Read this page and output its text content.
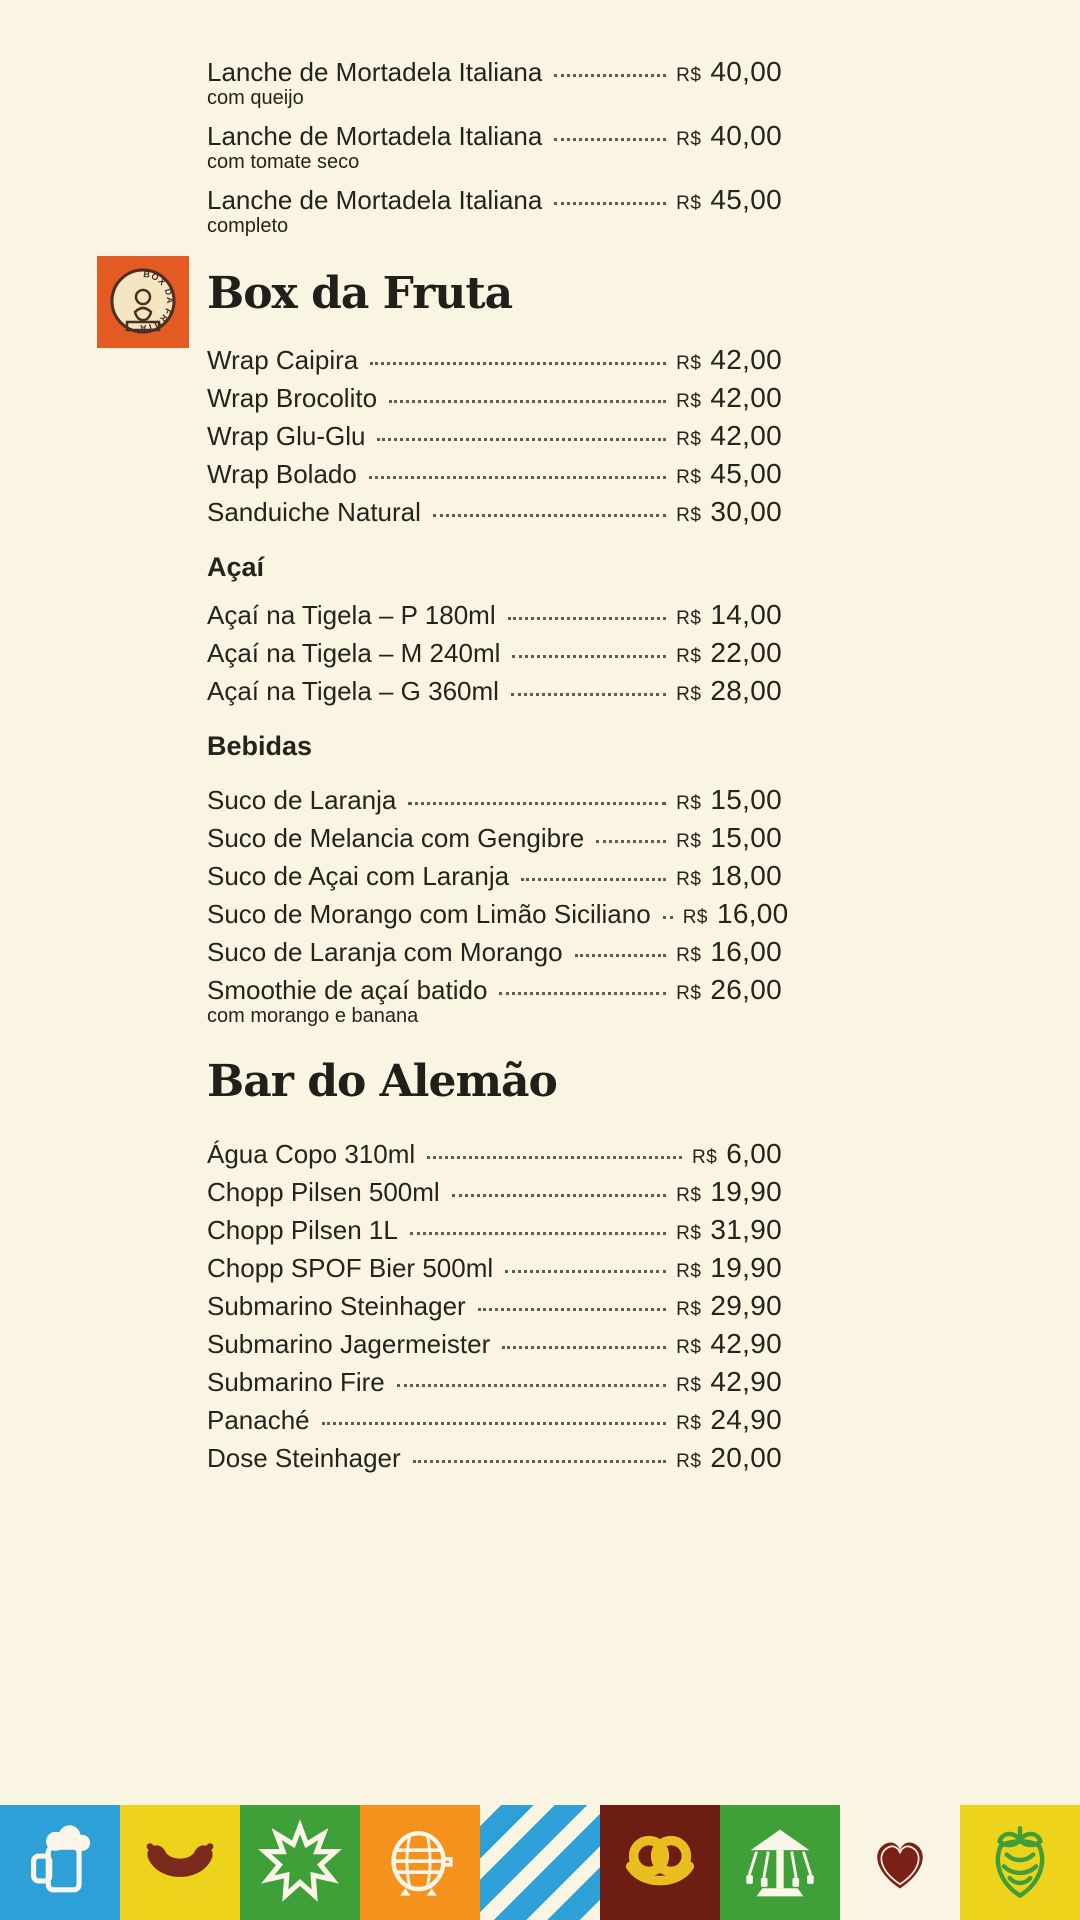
Lanche de Mortadela Italiana	R$ 40,00
com queijo
Lanche de Mortadela Italiana	R$ 40,00
com tomate seco
Lanche de Mortadela Italiana	R$ 45,00
completo
BOX DA FRUTA
Box da Fruta
Wrap Caipira	R$ 42,00
Wrap Brocolito	R$ 42,00
Wrap Glu-Glu	R$ 42,00
Wrap Bolado	R$ 45,00
Sanduiche Natural	R$ 30,00
Açaí
Açaí na Tigela – P 180ml	R$ 14,00
Açaí na Tigela – M 240ml	R$ 22,00
Açaí na Tigela – G 360ml	R$ 28,00
Bebidas
Suco de Laranja	R$ 15,00
Suco de Melancia com Gengibre	R$ 15,00
Suco de Açai com Laranja	R$ 18,00
Suco de Morango com Limão Siciliano R$ 16,00
Suco de Laranja com Morango	R$ 16,00
Smoothie de açaí batido	R$ 26,00
com morango e banana
Bar do Alemão
Água Copo 310ml	R$ 6,00
Chopp Pilsen 500ml	R$ 19,90
Chopp Pilsen 1L	R$ 31,90
Chopp SPOF Bier 500ml	R$ 19,90
Submarino Steinhager	R$ 29,90
Submarino Jagermeister	R$ 42,90
Submarino Fire	R$ 42,90
Panaché	R$ 24,90
Dose Steinhager	R$ 20,00
